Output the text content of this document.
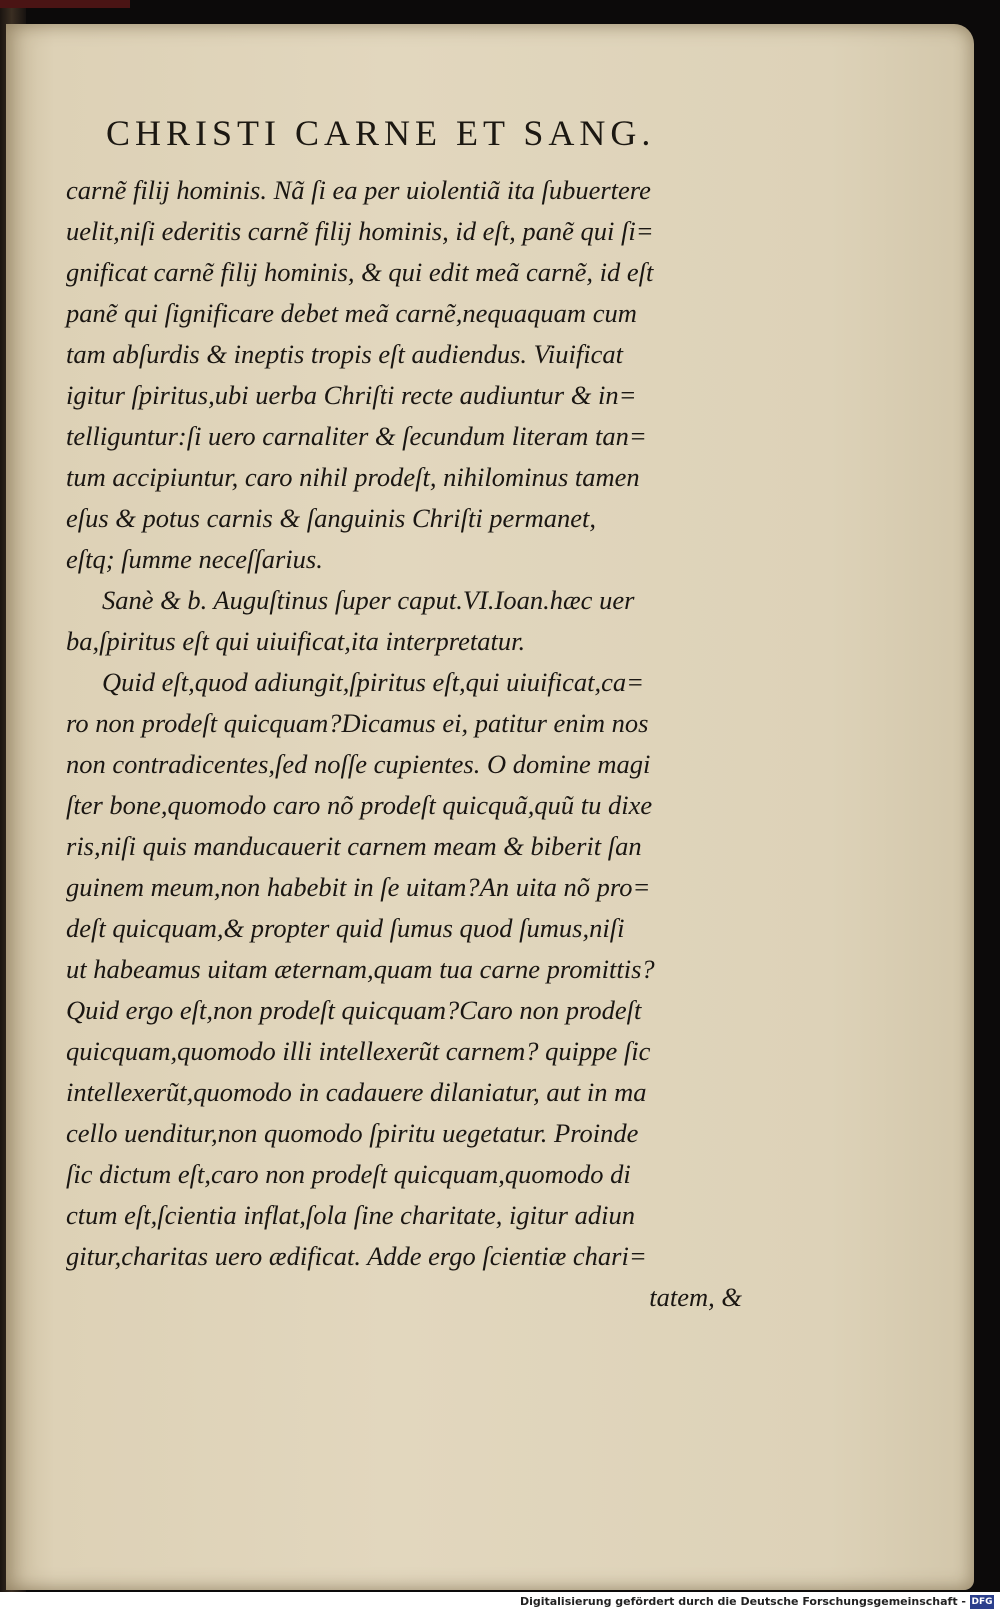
CHRISTI CARNE ET SANG.
carnẽ filij hominis. Nã ſi ea per uiolentiã ita ſubuertere
uelit,niſi ederitis carnẽ filij hominis, id eſt, panẽ qui ſi=
gnificat carnẽ filij hominis, & qui edit meã carnẽ, id eſt
panẽ qui ſignificare debet meã carnẽ,nequaquam cum
tam abſurdis & ineptis tropis eſt audiendus. Viuificat
igitur ſpiritus,ubi uerba Chriſti recte audiuntur & in=
telliguntur:ſi uero carnaliter & ſecundum literam tan=
tum accipiuntur, caro nihil prodeſt, nihilominus tamen
eſus & potus carnis & ſanguinis Chriſti permanet,
eſtq; ſumme neceſſarius.
Sanè & b. Auguſtinus ſuper caput.VI.Ioan.hæc uer
ba,ſpiritus eſt qui uiuificat,ita interpretatur.
Quid eſt,quod adiungit,ſpiritus eſt,qui uiuificat,ca=
ro non prodeſt quicquam?Dicamus ei, patitur enim nos
non contradicentes,ſed noſſe cupientes. O domine magi
ſter bone,quomodo caro nõ prodeſt quicquã,quũ tu dixe
ris,niſi quis manducauerit carnem meam & biberit ſan
guinem meum,non habebit in ſe uitam?An uita nõ pro=
deſt quicquam,& propter quid ſumus quod ſumus,niſi
ut habeamus uitam æternam,quam tua carne promittis?
Quid ergo eſt,non prodeſt quicquam?Caro non prodeſt
quicquam,quomodo illi intellexerũt carnem? quippe ſic
intellexerũt,quomodo in cadauere dilaniatur, aut in ma
cello uenditur,non quomodo ſpiritu uegetatur. Proinde
ſic dictum eſt,caro non prodeſt quicquam,quomodo di
ctum eſt,ſcientia inflat,ſola ſine charitate, igitur adiun
gitur,charitas uero ædificat. Adde ergo ſcientiæ chari=
tatem, &
Digitalisierung gefördert durch die Deutsche Forschungsgemeinschaft - DFG
